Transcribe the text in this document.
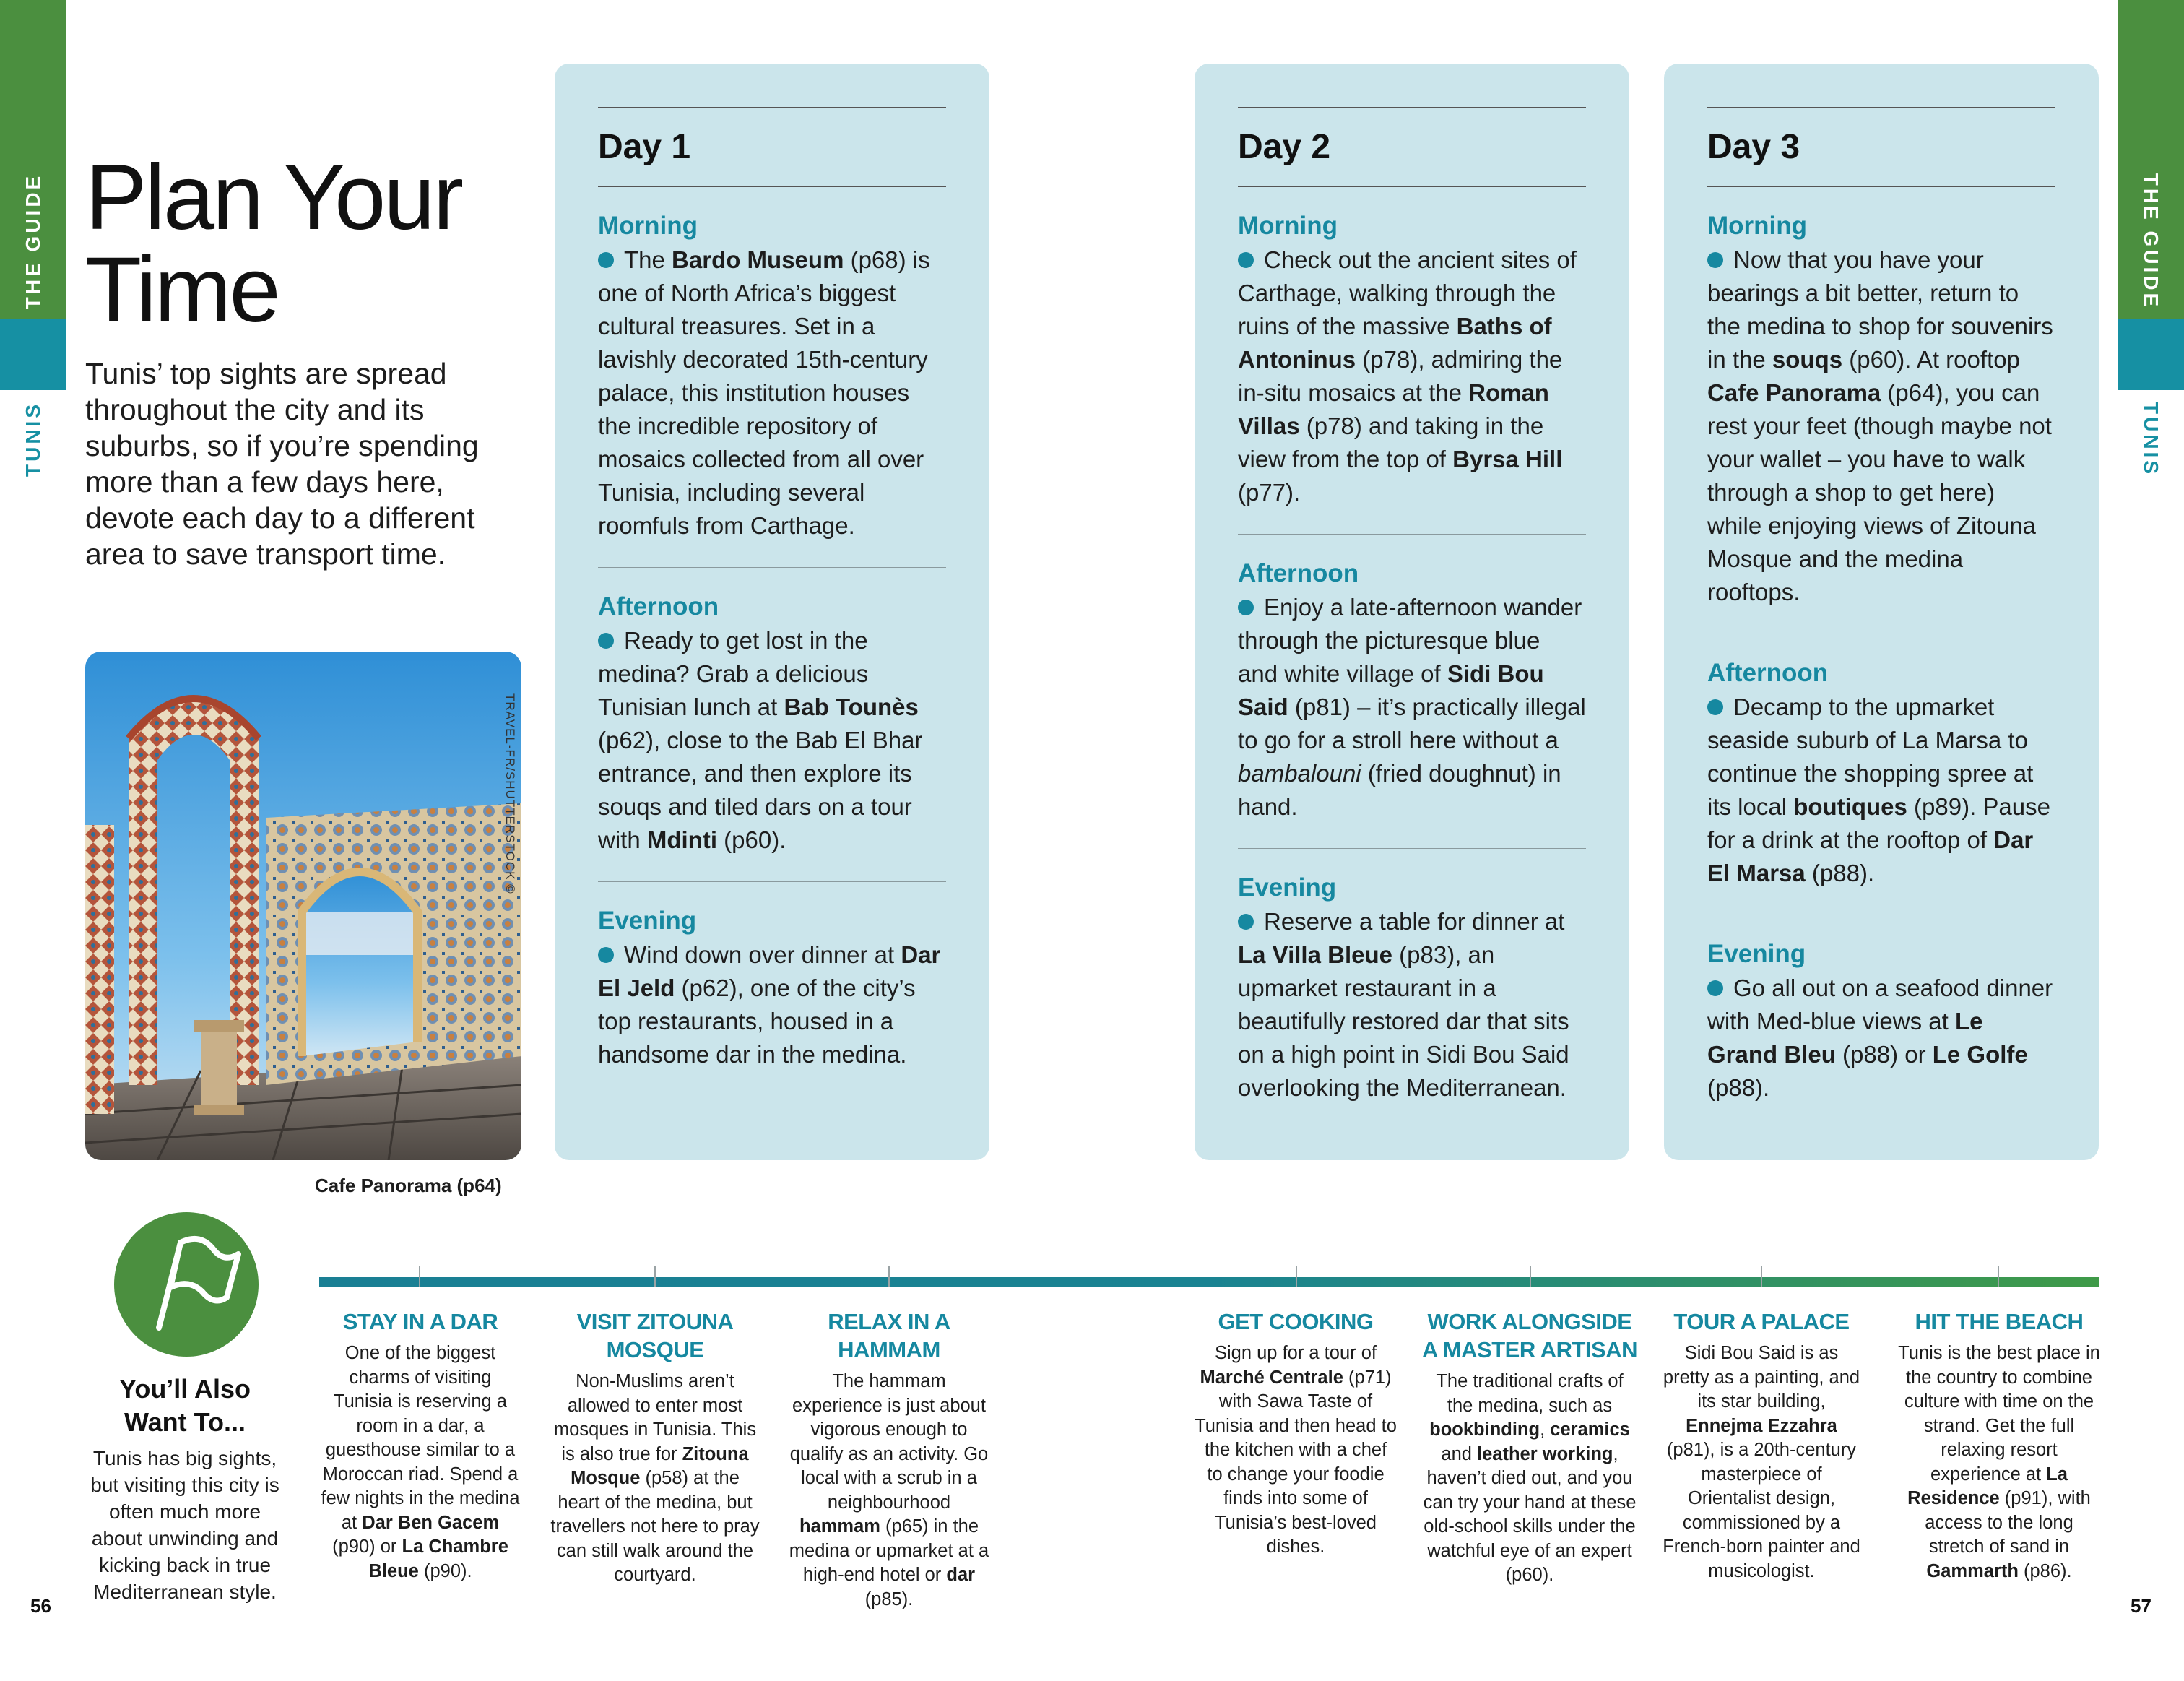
THE GUIDE
TUNIS
THE GUIDE
TUNIS
Plan Your Time
Tunis’ top sights are spread throughout the city and its suburbs, so if you’re spending more than a few days here, devote each day to a different area to save transport time.
TRAVEL-FR/SHUTTERSTOCK ©
Cafe Panorama (p64)
Day 1
Morning
The Bardo Museum (p68) is one of North Africa’s biggest cultural treasures. Set in a lavishly decorated 15th-century palace, this institution houses the incredible repository of mosaics collected from all over Tunisia, including several roomfuls from Carthage.
Afternoon
Ready to get lost in the medina? Grab a delicious Tunisian lunch at Bab Tounès (p62), close to the Bab El Bhar entrance, and then explore its souqs and tiled dars on a tour with Mdinti (p60).
Evening
Wind down over dinner at Dar El Jeld (p62), one of the city’s top restaurants, housed in a handsome dar in the medina.
Day 2
Morning
Check out the ancient sites of Carthage, walking through the ruins of the massive Baths of Antoninus (p78), admiring the in-situ mosaics at the Roman Villas (p78) and taking in the view from the top of Byrsa Hill (p77).
Afternoon
Enjoy a late-afternoon wander through the picturesque blue and white village of Sidi Bou Said (p81) – it’s practically illegal to go for a stroll here without a bambalouni (fried doughnut) in hand.
Evening
Reserve a table for dinner at La Villa Bleue (p83), an upmarket restaurant in a beautifully restored dar that sits on a high point in Sidi Bou Said overlooking the Mediterranean.
Day 3
Morning
Now that you have your bearings a bit better, return to the medina to shop for souvenirs in the souqs (p60). At rooftop Cafe Panorama (p64), you can rest your feet (though maybe not your wallet – you have to walk through a shop to get here) while enjoying views of Zitouna Mosque and the medina rooftops.
Afternoon
Decamp to the upmarket seaside suburb of La Marsa to continue the shopping spree at its local boutiques (p89). Pause for a drink at the rooftop of Dar El Marsa (p88).
Evening
Go all out on a seafood dinner with Med-blue views at Le Grand Bleu (p88) or Le Golfe (p88).
You’ll Also Want To...
Tunis has big sights, but visiting this city is often much more about unwinding and kicking back in true Mediterranean style.
STAY IN A DAR
One of the biggest charms of visiting Tunisia is reserving a room in a dar, a guesthouse similar to a Moroccan riad. Spend a few nights in the medina at Dar Ben Gacem (p90) or La Chambre Bleue (p90).
VISIT ZITOUNA MOSQUE
Non-Muslims aren’t allowed to enter most mosques in Tunisia. This is also true for Zitouna Mosque (p58) at the heart of the medina, but travellers not here to pray can still walk around the courtyard.
RELAX IN A HAMMAM
The hammam experience is just about vigorous enough to qualify as an activity. Go local with a scrub in a neighbourhood hammam (p65) in the medina or upmarket at a high-end hotel or dar (p85).
GET COOKING
Sign up for a tour of Marché Centrale (p71) with Sawa Taste of Tunisia and then head to the kitchen with a chef to change your foodie finds into some of Tunisia’s best-loved dishes.
WORK ALONGSIDE A MASTER ARTISAN
The traditional crafts of the medina, such as bookbinding, ceramics and leather working, haven’t died out, and you can try your hand at these old-school skills under the watchful eye of an expert (p60).
TOUR A PALACE
Sidi Bou Said is as pretty as a painting, and its star building, Ennejma Ezzahra (p81), is a 20th-century masterpiece of Orientalist design, commissioned by a French-born painter and musicologist.
HIT THE BEACH
Tunis is the best place in the country to combine culture with time on the strand. Get the full relaxing resort experience at La Residence (p91), with access to the long stretch of sand in Gammarth (p86).
56	57
